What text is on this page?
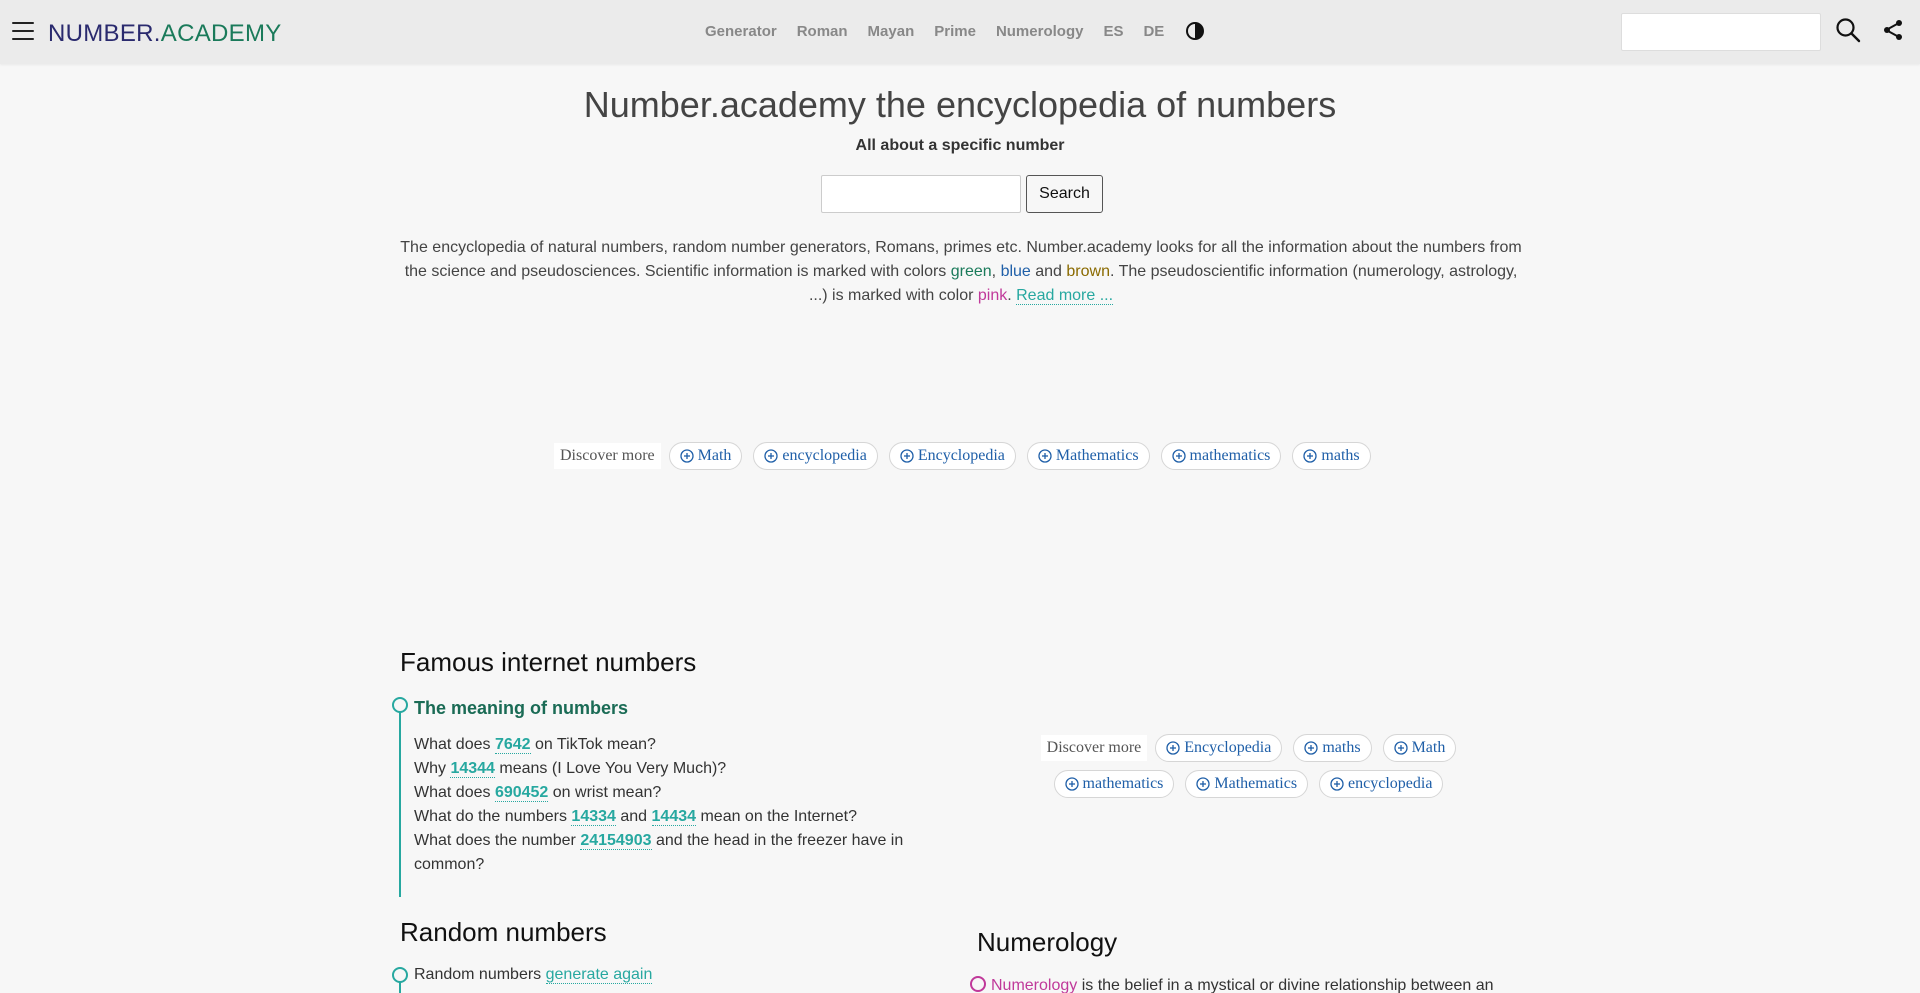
NUMBER.ACADEMY	Generator Roman Mayan Prime Numerology ES DE
Number.academy the encyclopedia of numbers
All about a specific number
Search

The encyclopedia of natural numbers, random number generators, Romans, primes etc. Number.academy looks for all the information about the numbers from the science and pseudosciences. Scientific information is marked with colors green, blue and brown. The pseudoscientific information (numerology, astrology, ...) is marked with color pink. Read more ...

Discover more	Math	encyclopedia	Encyclopedia	Mathematics	mathematics	maths
Famous internet numbers
The meaning of numbers
What does 7642 on TikTok mean?
Why 14344 means (I Love You Very Much)?
What does 690452 on wrist mean?
What do the numbers 14334 and 14434 mean on the Internet?
What does the number 24154903 and the head in the freezer have in common?
Discover more	Encyclopedia	maths	Math
mathematics	Mathematics	encyclopedia
Random numbers
Random numbers generate again
Numerology
Numerology is the belief in a mystical or divine relationship between an
